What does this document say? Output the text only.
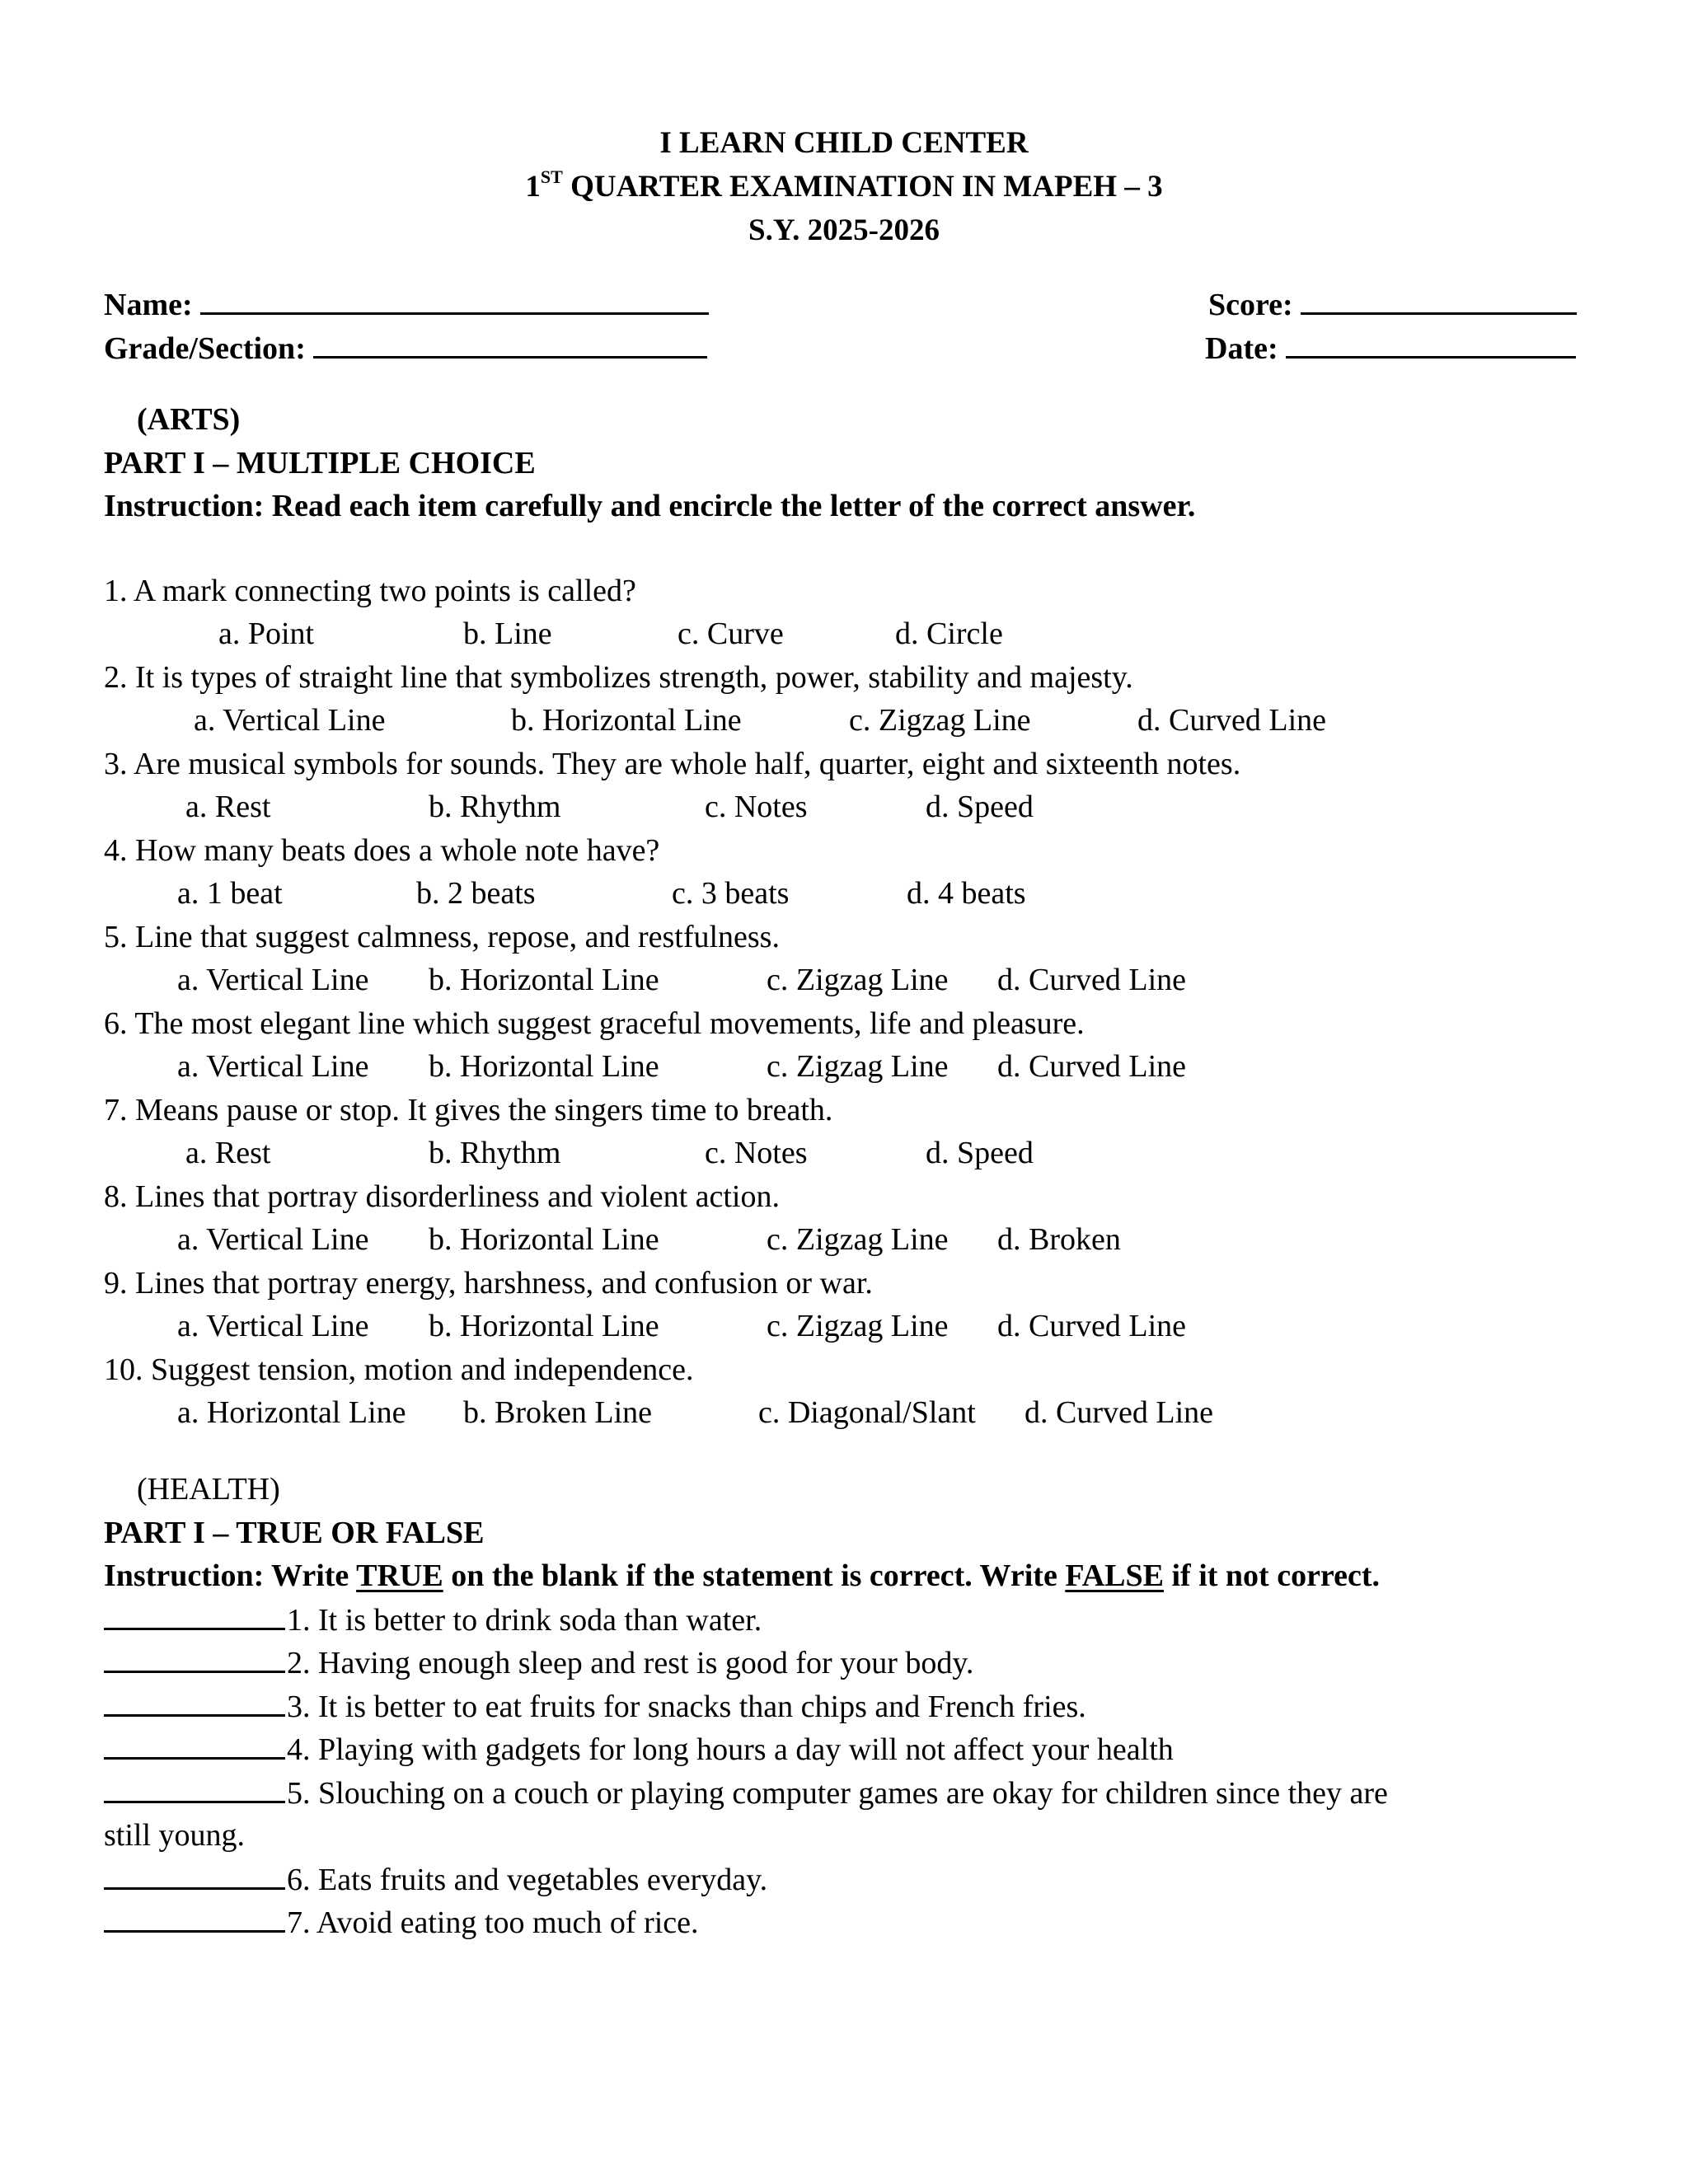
I LEARN CHILD CENTER
1ST QUARTER EXAMINATION IN MAPEH – 3
S.Y. 2025-2026
Name:
Grade/Section:
Score:
Date:
(ARTS)
PART I – MULTIPLE CHOICE
Instruction: Read each item carefully and encircle the letter of the correct answer.
1. A mark connecting two points is called?
a. Point	b. Line	c. Curve	d. Circle
2. It is types of straight line that symbolizes strength, power, stability and majesty.
a. Vertical Line	b. Horizontal Line	c. Zigzag Line	d. Curved Line
3. Are musical symbols for sounds. They are whole half, quarter, eight and sixteenth notes.
a. Rest	b. Rhythm	c. Notes	d. Speed
4. How many beats does a whole note have?
a. 1 beat	b. 2 beats	c. 3 beats	d. 4 beats
5. Line that suggest calmness, repose, and restfulness.
a. Vertical Line b. Horizontal Line	c. Zigzag Line d. Curved Line
6. The most elegant line which suggest graceful movements, life and pleasure.
a. Vertical Line b. Horizontal Line	c. Zigzag Line d. Curved Line
7. Means pause or stop. It gives the singers time to breath.
a. Rest	b. Rhythm	c. Notes	d. Speed
8. Lines that portray disorderliness and violent action.
a. Vertical Line b. Horizontal Line	c. Zigzag Line d. Broken
9. Lines that portray energy, harshness, and confusion or war.
a. Vertical Line b. Horizontal Line	c. Zigzag Line d. Curved Line
10. Suggest tension, motion and independence.
a. Horizontal Line b. Broken Line	c. Diagonal/Slant d. Curved Line
(HEALTH)
PART I – TRUE OR FALSE
Instruction: Write TRUE on the blank if the statement is correct. Write FALSE if it not correct.
1. It is better to drink soda than water.
2. Having enough sleep and rest is good for your body.
3. It is better to eat fruits for snacks than chips and French fries.
4. Playing with gadgets for long hours a day will not affect your health
5. Slouching on a couch or playing computer games are okay for children since they are
6. Eats fruits and vegetables everyday.
7. Avoid eating too much of rice.
still young.
